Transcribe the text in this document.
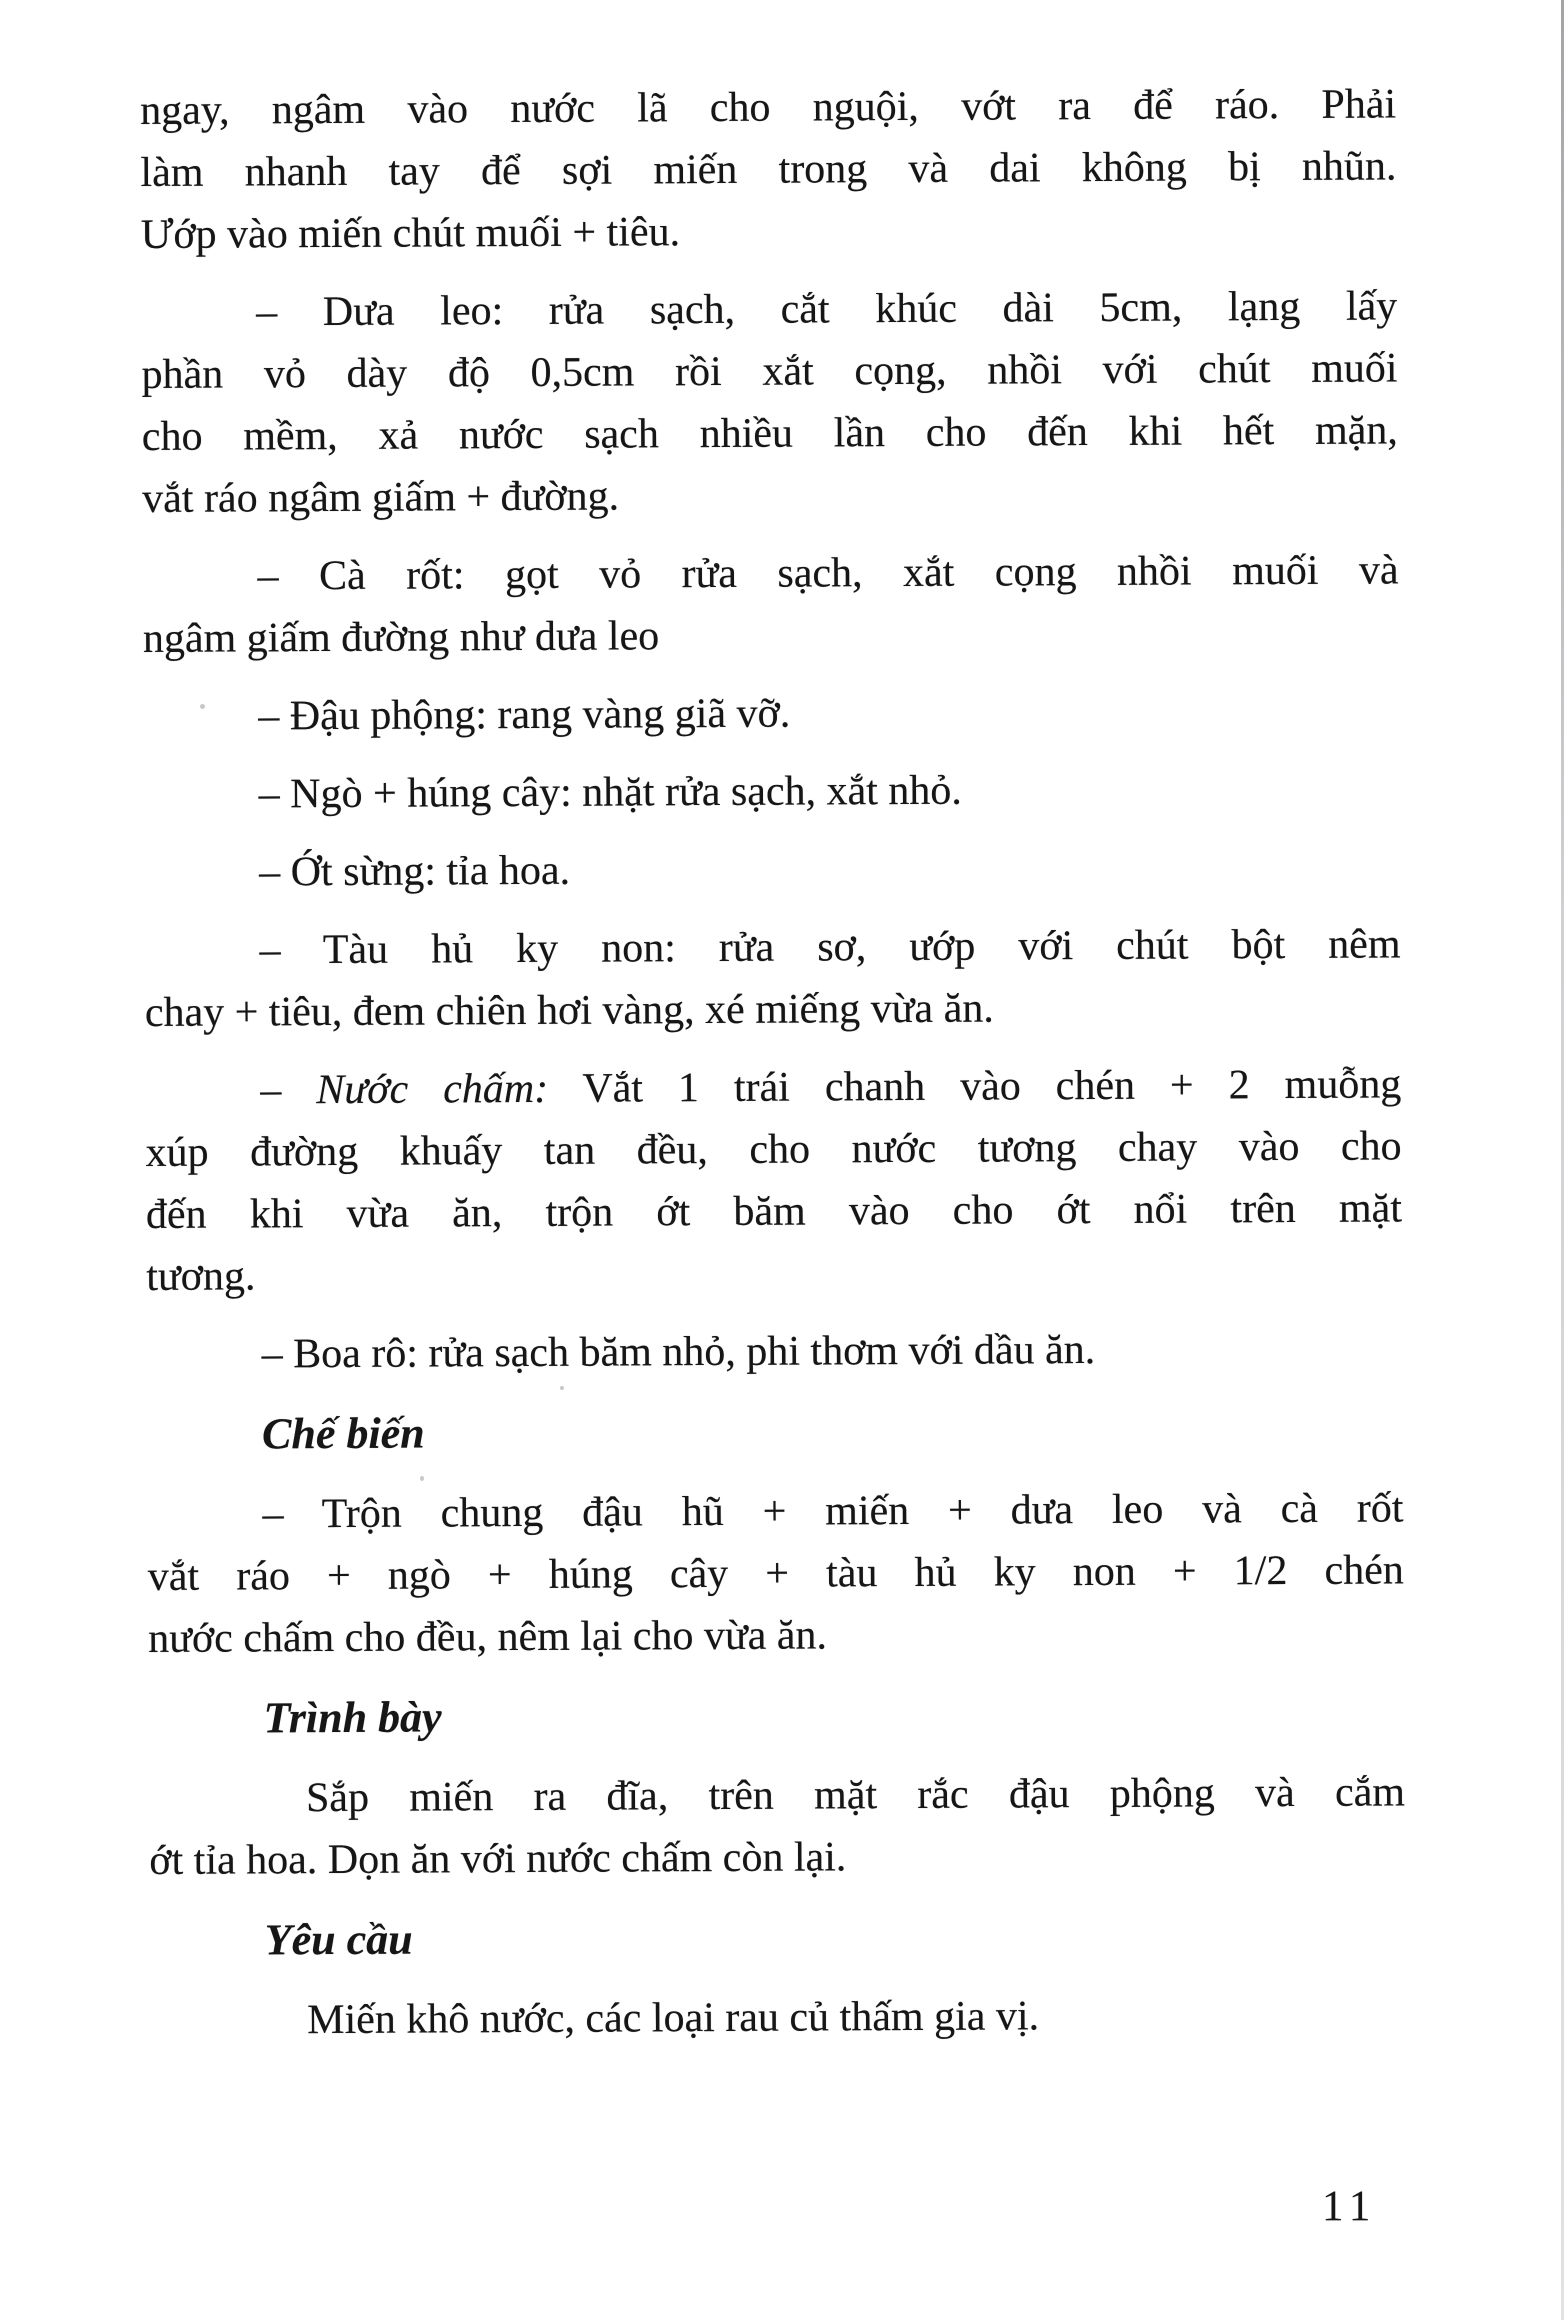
ngay, ngâm vào nước lã cho nguội, vớt ra để ráo. Phải
làm nhanh tay để sợi miến trong và dai không bị nhũn.
Ướp vào miến chút muối + tiêu.
– Dưa leo: rửa sạch, cắt khúc dài 5cm, lạng lấy
phần vỏ dày độ 0,5cm rồi xắt cọng, nhồi với chút muối
cho mềm, xả nước sạch nhiều lần cho đến khi hết mặn,
vắt ráo ngâm giấm + đường.
– Cà rốt: gọt vỏ rửa sạch, xắt cọng nhồi muối và
ngâm giấm đường như dưa leo
– Đậu phộng: rang vàng giã vỡ.
– Ngò + húng cây: nhặt rửa sạch, xắt nhỏ.
– Ớt sừng: tỉa hoa.
– Tàu hủ ky non: rửa sơ, ướp với chút bột nêm
chay + tiêu, đem chiên hơi vàng, xé miếng vừa ăn.
– Nước chấm: Vắt 1 trái chanh vào chén + 2 muỗng
xúp đường khuấy tan đều, cho nước tương chay vào cho
đến khi vừa ăn, trộn ớt băm vào cho ớt nổi trên mặt
tương.
– Boa rô: rửa sạch băm nhỏ, phi thơm với dầu ăn.
Chế biến
– Trộn chung đậu hũ + miến + dưa leo và cà rốt
vắt ráo + ngò + húng cây + tàu hủ ky non + 1/2 chén
nước chấm cho đều, nêm lại cho vừa ăn.
Trình bày
Sắp miến ra đĩa, trên mặt rắc đậu phộng và cắm
ớt tỉa hoa. Dọn ăn với nước chấm còn lại.
Yêu cầu
Miến khô nước, các loại rau củ thấm gia vị.
11
